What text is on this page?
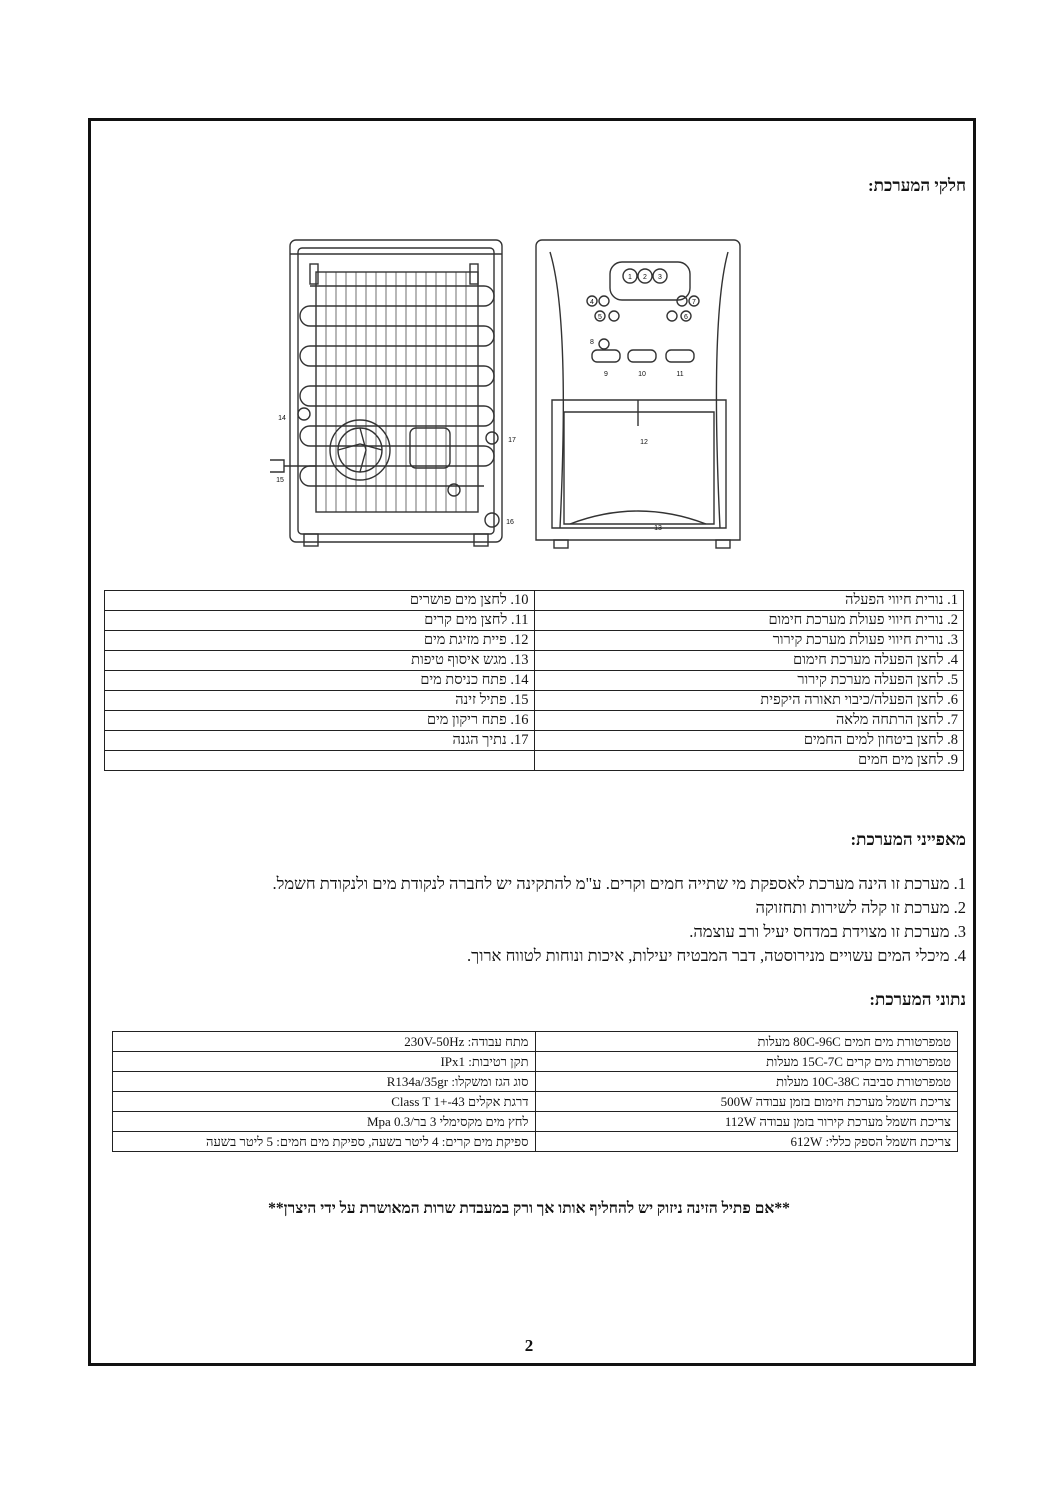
חלקי המערכת:
1 2 3
4
5	6
7
8
9	10	11
12
13
14
15
16
17
1. נורית חיווי הפעלה	10. לחצן מים פושרים
2. נורית חיווי פעולת מערכת חימום	11. לחצן מים קרים
3. נורית חיווי פעולת מערכת קירור	12. פיית מזיגת מים
4. לחצן הפעלה מערכת חימום	13. מגש איסוף טיפות
5. לחצן הפעלה מערכת קירור	14. פתח כניסת מים
6. לחצן הפעלה/כיבוי תאורה היקפית	15. פתיל זינה
7. לחצן הרתחה מלאה	16. פתח ריקון מים
8. לחצן ביטחון למים החמים	17. נתיך הגנה
9. לחצן מים חמים	
מאפייני המערכת:
1. מערכת זו הינה מערכת לאספקת מי שתייה חמים וקרים. ע"מ להתקינה יש לחברה לנקודת מים ולנקודת חשמל.
2. מערכת זו קלה לשירות ותחזוקה
3. מערכת זו מצוידת במדחס יעיל ורב עוצמה.
4. מיכלי המים עשויים מנירוסטה, דבר המבטיח יעילות, איכות ונוחות לטווח ארוך.
נתוני המערכת:
טמפרטורת מים חמים 80C-96C מעלות	מתח עבודה: 230V-50Hz
טמפרטורת מים קרים 15C-7C מעלות	תקן רטיבות: IPx1
טמפרטורת סביבה 10C-38C מעלות	סוג הגז ומשקלו: R134a/35gr
צריכת חשמל מערכת חימום בזמן עבודה 500W	דרגת אקלים 43-+1 Class T
צריכת חשמל מערכת קירור בזמן עבודה 112W	לחץ מים מקסימלי 3 בר/Mpa 0.3
צריכת חשמל הספק כללי: 612W	ספיקת מים קרים: 4 ליטר בשעה, ספיקת מים חמים: 5 ליטר בשעה
**אם פתיל הזינה ניזוק יש להחליף אותו אך ורק במעבדת שרות המאושרת על ידי היצרן**
2
